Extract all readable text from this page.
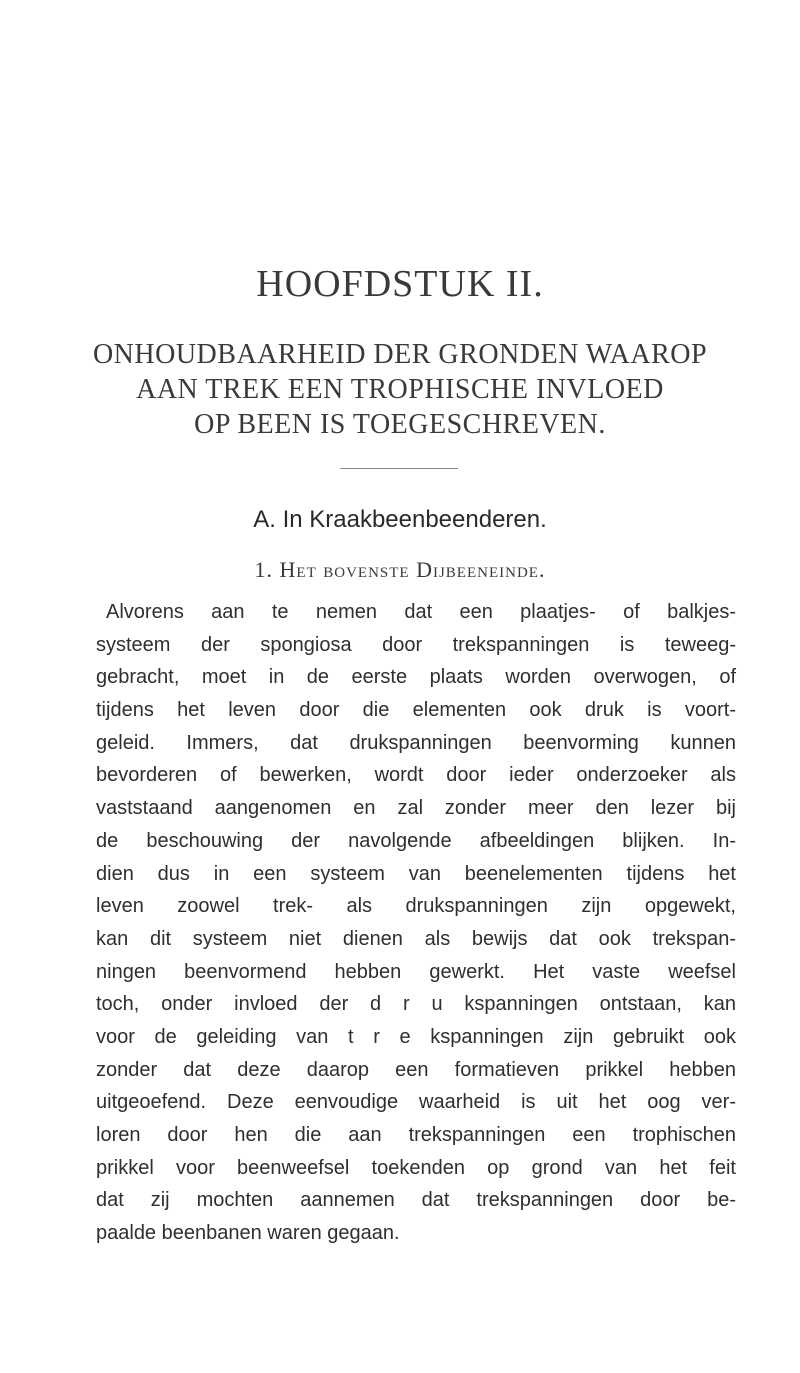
HOOFDSTUK II.
ONHOUDBAARHEID DER GRONDEN WAAROP
AAN TREK EEN TROPHISCHE INVLOED
OP BEEN IS TOEGESCHREVEN.
A. In Kraakbeenbeenderen.
1. Het bovenste Dijbeeneinde.
Alvorens aan te nemen dat een plaatjes- of balkjes-
systeem der spongiosa door trekspanningen is teweeg-
gebracht, moet in de eerste plaats worden overwogen, of
tijdens het leven door die elementen ook druk is voort-
geleid. Immers, dat drukspanningen beenvorming kunnen
bevorderen of bewerken, wordt door ieder onderzoeker als
vaststaand aangenomen en zal zonder meer den lezer bij
de beschouwing der navolgende afbeeldingen blijken. In-
dien dus in een systeem van beenelementen tijdens het
leven zoowel trek- als drukspanningen zijn opgewekt,
kan dit systeem niet dienen als bewijs dat ook trekspan-
ningen beenvormend hebben gewerkt. Het vaste weefsel
toch, onder invloed der d r u kspanningen ontstaan, kan
voor de geleiding van t r e kspanningen zijn gebruikt ook
zonder dat deze daarop een formatieven prikkel hebben
uitgeoefend. Deze eenvoudige waarheid is uit het oog ver-
loren door hen die aan trekspanningen een trophischen
prikkel voor beenweefsel toekenden op grond van het feit
dat zij mochten aannemen dat trekspanningen door be-
paalde beenbanen waren gegaan.
